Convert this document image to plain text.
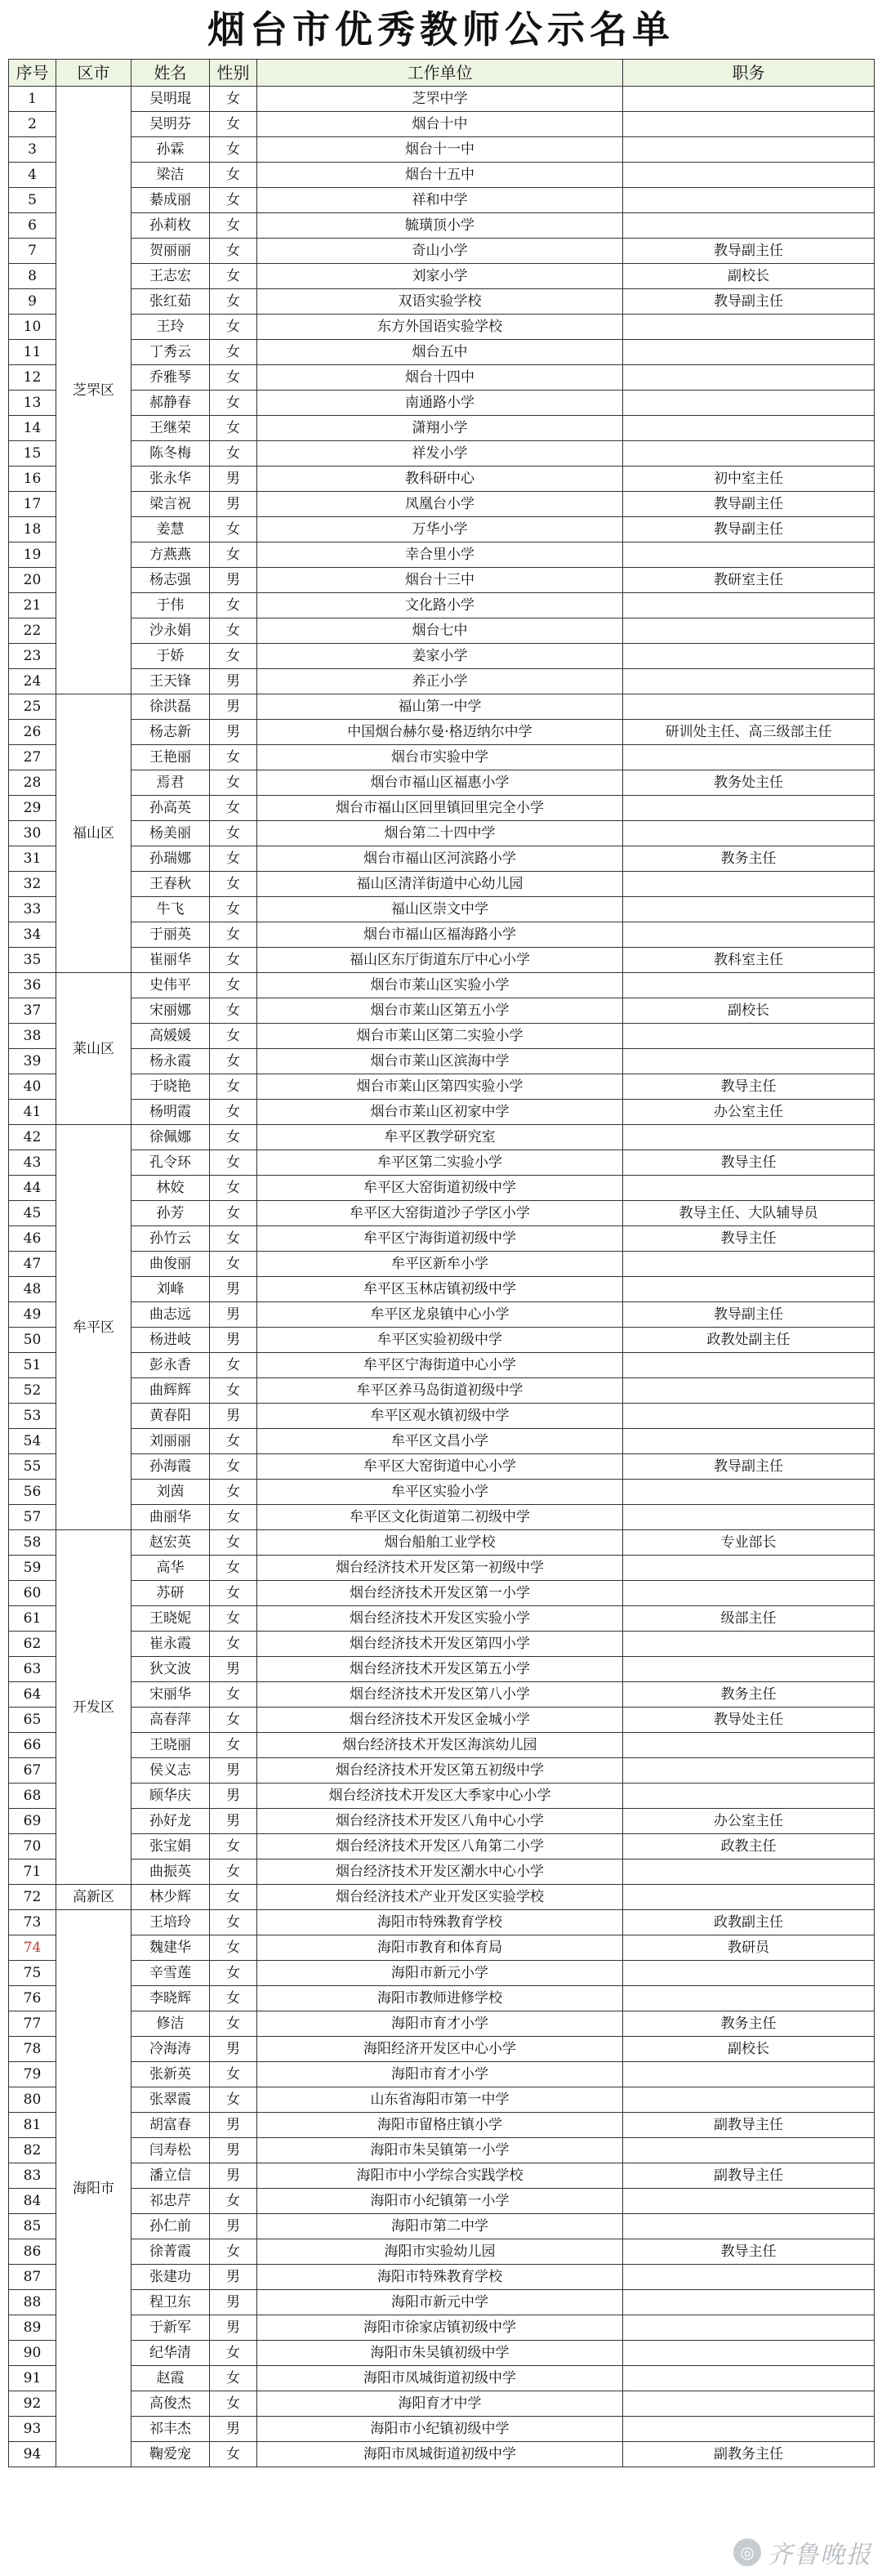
烟台市优秀教师公示名单
序号	区市	姓名	性别	工作单位	职务
1	芝罘区	吴明琨	女	芝罘中学	
2		吴明芬	女	烟台十中	
3		孙霖	女	烟台十一中	
4		梁洁	女	烟台十五中	
5		綦成丽	女	祥和中学	
6		孙莉枚	女	毓璜顶小学	
7		贺丽丽	女	奇山小学	教导副主任
8		王志宏	女	刘家小学	副校长
9		张红茹	女	双语实验学校	教导副主任
10		王玲	女	东方外国语实验学校	
11		丁秀云	女	烟台五中	
12		乔雅琴	女	烟台十四中	
13		郝静春	女	南通路小学	
14		王继荣	女	潇翔小学	
15		陈冬梅	女	祥发小学	
16		张永华	男	教科研中心	初中室主任
17		梁言祝	男	凤凰台小学	教导副主任
18		姜慧	女	万华小学	教导副主任
19		方燕燕	女	幸合里小学	
20		杨志强	男	烟台十三中	教研室主任
21		于伟	女	文化路小学	
22		沙永娟	女	烟台七中	
23		于娇	女	姜家小学	
24		王天锋	男	养正小学	
25	福山区	徐洪磊	男	福山第一中学	
26		杨志新	男	中国烟台赫尔曼·格迈纳尔中学	研训处主任、高三级部主任
27		王艳丽	女	烟台市实验中学	
28		焉君	女	烟台市福山区福惠小学	教务处主任
29		孙高英	女	烟台市福山区回里镇回里完全小学	
30		杨美丽	女	烟台第二十四中学	
31		孙瑞娜	女	烟台市福山区河滨路小学	教务主任
32		王春秋	女	福山区清洋街道中心幼儿园	
33		牛飞	女	福山区崇文中学	
34		于丽英	女	烟台市福山区福海路小学	
35		崔丽华	女	福山区东厅街道东厅中心小学	教科室主任
36	莱山区	史伟平	女	烟台市莱山区实验小学	
37		宋丽娜	女	烟台市莱山区第五小学	副校长
38		高媛媛	女	烟台市莱山区第二实验小学	
39		杨永霞	女	烟台市莱山区滨海中学	
40		于晓艳	女	烟台市莱山区第四实验小学	教导主任
41		杨明霞	女	烟台市莱山区初家中学	办公室主任
42	牟平区	徐佩娜	女	牟平区教学研究室	
43		孔令环	女	牟平区第二实验小学	教导主任
44		林姣	女	牟平区大窑街道初级中学	
45		孙芳	女	牟平区大窑街道沙子学区小学	教导主任、大队辅导员
46		孙竹云	女	牟平区宁海街道初级中学	教导主任
47		曲俊丽	女	牟平区新牟小学	
48		刘峰	男	牟平区玉林店镇初级中学	
49		曲志远	男	牟平区龙泉镇中心小学	教导副主任
50		杨进岐	男	牟平区实验初级中学	政教处副主任
51		彭永香	女	牟平区宁海街道中心小学	
52		曲辉辉	女	牟平区养马岛街道初级中学	
53		黄春阳	男	牟平区观水镇初级中学	
54		刘丽丽	女	牟平区文昌小学	
55		孙海霞	女	牟平区大窑街道中心小学	教导副主任
56		刘茵	女	牟平区实验小学	
57		曲丽华	女	牟平区文化街道第二初级中学	
58	开发区	赵宏英	女	烟台船舶工业学校	专业部长
59		高华	女	烟台经济技术开发区第一初级中学	
60		苏研	女	烟台经济技术开发区第一小学	
61		王晓妮	女	烟台经济技术开发区实验小学	级部主任
62		崔永霞	女	烟台经济技术开发区第四小学	
63		狄文波	男	烟台经济技术开发区第五小学	
64		宋丽华	女	烟台经济技术开发区第八小学	教务主任
65		高春萍	女	烟台经济技术开发区金城小学	教导处主任
66		王晓丽	女	烟台经济技术开发区海滨幼儿园	
67		侯义志	男	烟台经济技术开发区第五初级中学	
68		顾华庆	男	烟台经济技术开发区大季家中心小学	
69		孙好龙	男	烟台经济技术开发区八角中心小学	办公室主任
70		张宝娟	女	烟台经济技术开发区八角第二小学	政教主任
71		曲振英	女	烟台经济技术开发区潮水中心小学	
72	高新区	林少辉	女	烟台经济技术产业开发区实验学校	
73	海阳市	王培玲	女	海阳市特殊教育学校	政教副主任
74		魏建华	女	海阳市教育和体育局	教研员
75		辛雪莲	女	海阳市新元小学	
76		李晓辉	女	海阳市教师进修学校	
77		修洁	女	海阳市育才小学	教务主任
78		冷海涛	男	海阳经济开发区中心小学	副校长
79		张新英	女	海阳市育才小学	
80		张翠霞	女	山东省海阳市第一中学	
81		胡富春	男	海阳市留格庄镇小学	副教导主任
82		闫寿松	男	海阳市朱吴镇第一小学	
83		潘立信	男	海阳市中小学综合实践学校	副教导主任
84		祁忠芹	女	海阳市小纪镇第一小学	
85		孙仁前	男	海阳市第二中学	
86		徐菁霞	女	海阳市实验幼儿园	教导主任
87		张建功	男	海阳市特殊教育学校	
88		程卫东	男	海阳市新元中学	
89		于新军	男	海阳市徐家店镇初级中学	
90		纪华清	女	海阳市朱吴镇初级中学	
91		赵霞	女	海阳市凤城街道初级中学	
92		高俊杰	女	海阳育才中学	
93		祁丰杰	男	海阳市小纪镇初级中学	
94		鞠爱宠	女	海阳市凤城街道初级中学	副教务主任
◎ 齐鲁晚报
